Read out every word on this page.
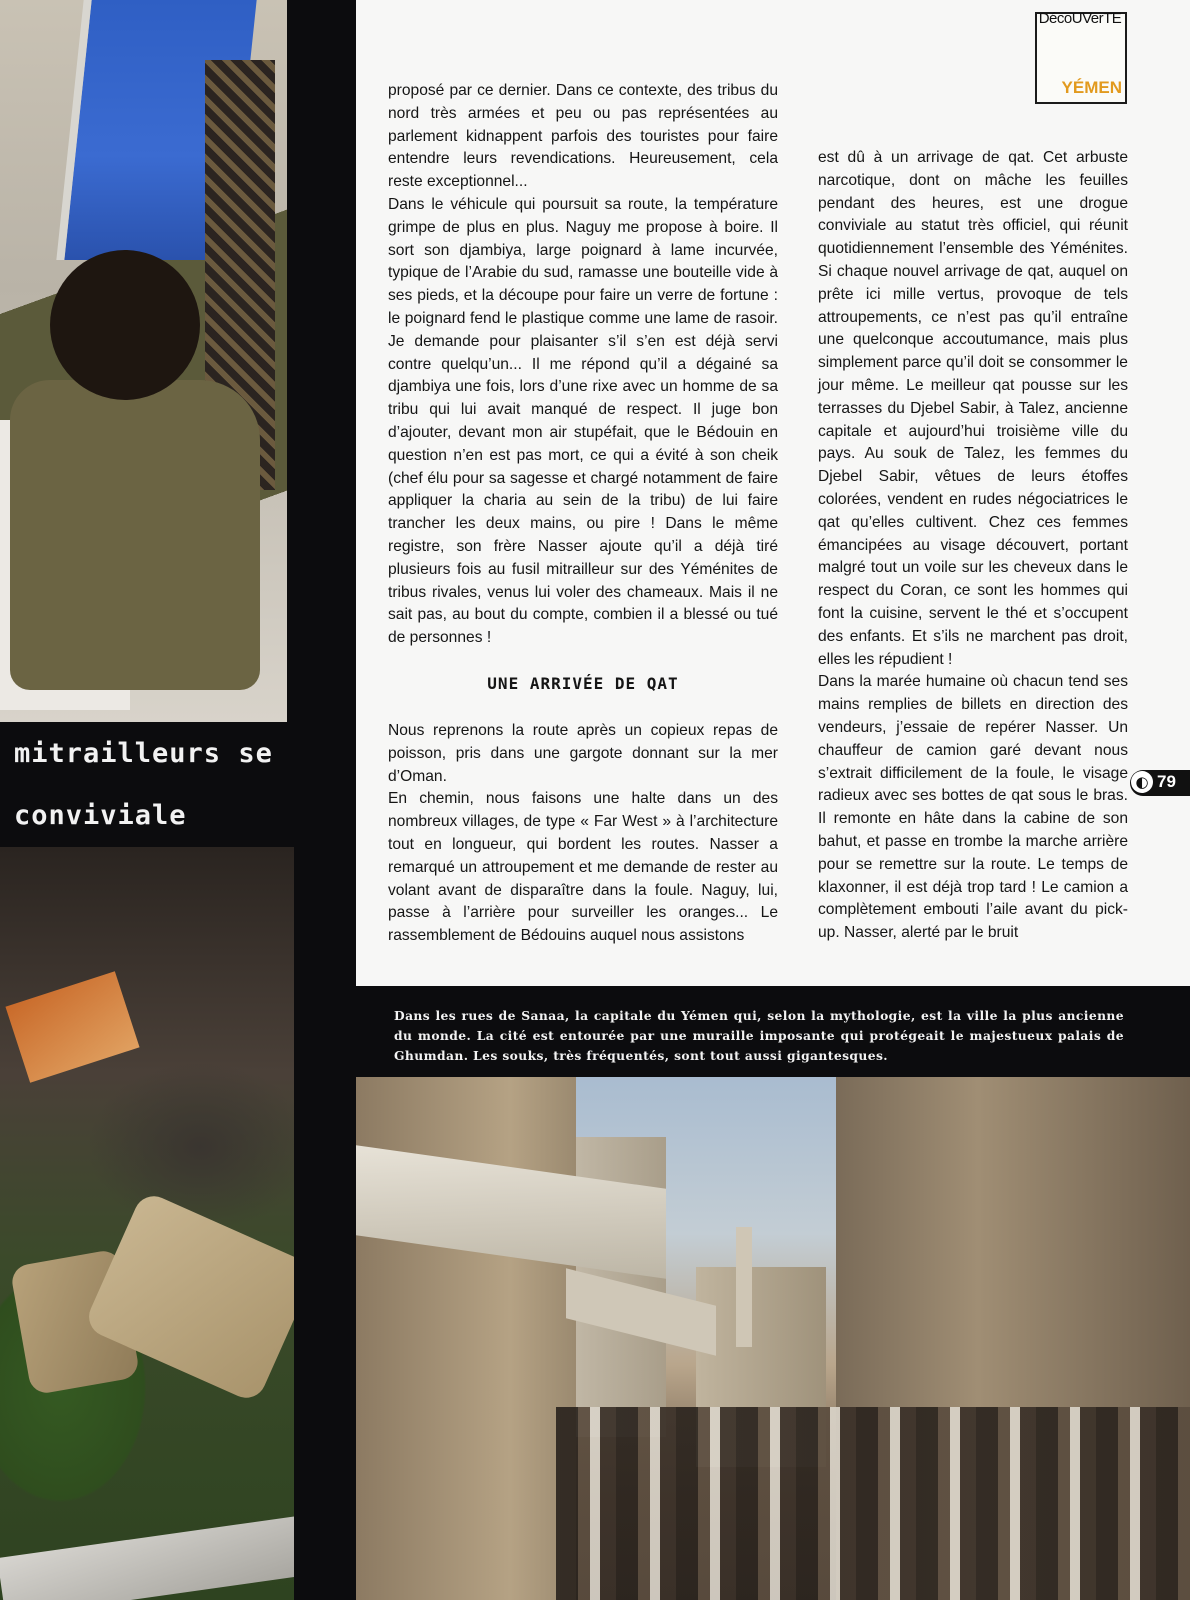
mitrailleurs se
conviviale
DécoUVerTE
YÉMEN

proposé par ce dernier. Dans ce contexte, des tribus du nord très armées et peu ou pas représentées au parlement kidnappent parfois des touristes pour faire entendre leurs revendications. Heureusement, cela reste exceptionnel...

Dans le véhicule qui poursuit sa route, la température grimpe de plus en plus. Naguy me propose à boire. Il sort son djambiya, large poignard à lame incurvée, typique de l’Arabie du sud, ramasse une bouteille vide à ses pieds, et la découpe pour faire un verre de fortune : le poignard fend le plastique comme une lame de rasoir. Je demande pour plaisanter s’il s’en est déjà servi contre quelqu’un... Il me répond qu’il a dégainé sa djambiya une fois, lors d’une rixe avec un homme de sa tribu qui lui avait manqué de respect. Il juge bon d’ajouter, devant mon air stupéfait, que le Bédouin en question n’en est pas mort, ce qui a évité à son cheik (chef élu pour sa sagesse et chargé notamment de faire appliquer la charia au sein de la tribu) de lui faire trancher les deux mains, ou pire ! Dans le même registre, son frère Nasser ajoute qu’il a déjà tiré plusieurs fois au fusil mitrailleur sur des Yéménites de tribus rivales, venus lui voler des chameaux. Mais il ne sait pas, au bout du compte, combien il a blessé ou tué de personnes !

UNE ARRIVÉE DE QAT

Nous reprenons la route après un copieux repas de poisson, pris dans une gargote donnant sur la mer d’Oman.

En chemin, nous faisons une halte dans un des nombreux villages, de type « Far West » à l’architecture tout en longueur, qui bordent les routes. Nasser a remarqué un attroupement et me demande de rester au volant avant de disparaître dans la foule. Naguy, lui, passe à l’arrière pour surveiller les oranges... Le rassemblement de Bédouins auquel nous assistons

est dû à un arrivage de qat. Cet arbuste narcotique, dont on mâche les feuilles pendant des heures, est une drogue conviviale au statut très officiel, qui réunit quotidiennement l’ensemble des Yéménites. Si chaque nouvel arrivage de qat, auquel on prête ici mille vertus, provoque de tels attroupements, ce n’est pas qu’il entraîne une quelconque accoutumance, mais plus simplement parce qu’il doit se consommer le jour même. Le meilleur qat pousse sur les terrasses du Djebel Sabir, à Talez, ancienne capitale et aujourd’hui troisième ville du pays. Au souk de Talez, les femmes du Djebel Sabir, vêtues de leurs étoffes colorées, vendent en rudes négociatrices le qat qu’elles cultivent. Chez ces femmes émancipées au visage découvert, portant malgré tout un voile sur les cheveux dans le respect du Coran, ce sont les hommes qui font la cuisine, servent le thé et s’occupent des enfants. Et s’ils ne marchent pas droit, elles les répudient !

Dans la marée humaine où chacun tend ses mains remplies de billets en direction des vendeurs, j’essaie de repérer Nasser. Un chauffeur de camion garé devant nous s’extrait difficilement de la foule, le visage radieux avec ses bottes de qat sous le bras. Il remonte en hâte dans la cabine de son bahut, et passe en trombe la marche arrière pour se remettre sur la route. Le temps de klaxonner, il est déjà trop tard ! Le camion a complètement embouti l’aile avant du pick-up. Nasser, alerté par le bruit

◐ 79
Dans les rues de Sanaa, la capitale du Yémen qui, selon la mythologie, est la ville la plus ancienne du monde. La cité est entourée par une muraille imposante qui protégeait le majestueux palais de Ghumdan. Les souks, très fréquentés, sont tout aussi gigantesques.
